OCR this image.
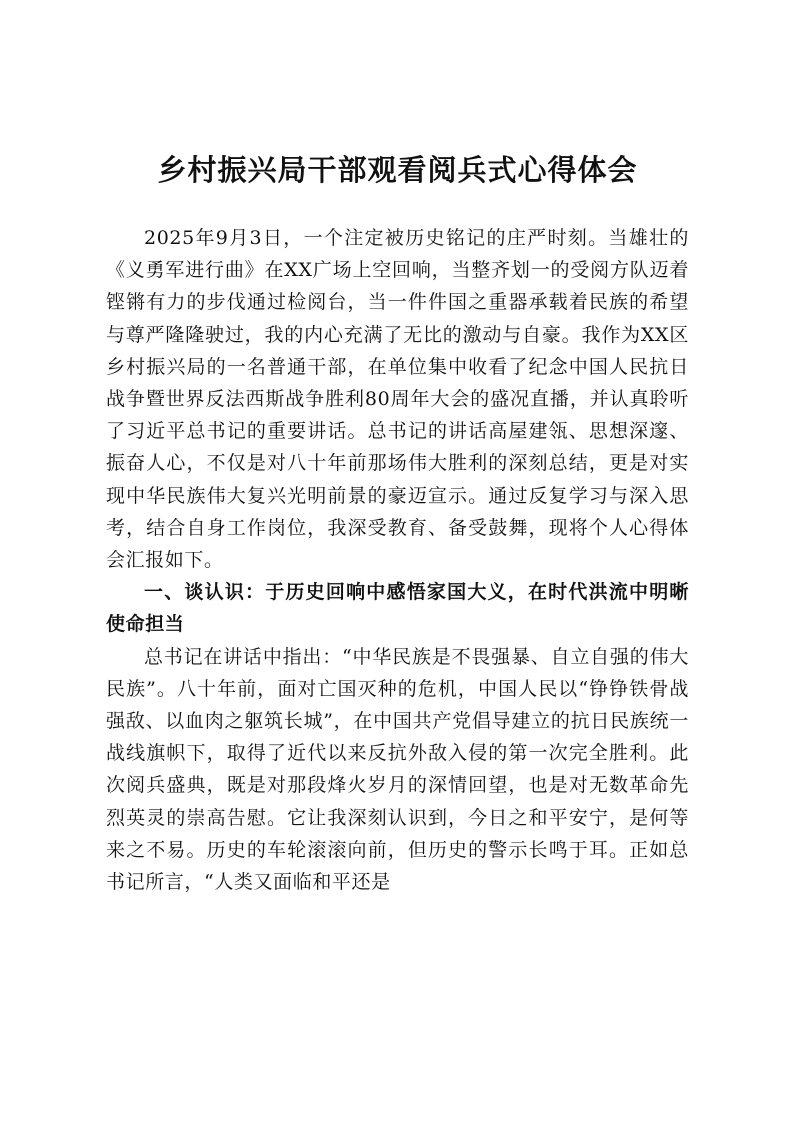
乡村振兴局干部观看阅兵式心得体会

2025年9月3日，一个注定被历史铭记的庄严时刻。当雄壮的《义勇军进行曲》在XX广场上空回响，当整齐划一的受阅方队迈着铿锵有力的步伐通过检阅台，当一件件国之重器承载着民族的希望与尊严隆隆驶过，我的内心充满了无比的激动与自豪。我作为XX区乡村振兴局的一名普通干部，在单位集中收看了纪念中国人民抗日战争暨世界反法西斯战争胜利80周年大会的盛况直播，并认真聆听了习近平总书记的重要讲话。总书记的讲话高屋建瓴、思想深邃、振奋人心，不仅是对八十年前那场伟大胜利的深刻总结，更是对实现中华民族伟大复兴光明前景的豪迈宣示。通过反复学习与深入思考，结合自身工作岗位，我深受教育、备受鼓舞，现将个人心得体会汇报如下。

一、谈认识：于历史回响中感悟家国大义，在时代洪流中明晰使命担当

总书记在讲话中指出：“中华民族是不畏强暴、自立自强的伟大民族”。八十年前，面对亡国灭种的危机，中国人民以“铮铮铁骨战强敌、以血肉之躯筑长城”，在中国共产党倡导建立的抗日民族统一战线旗帜下，取得了近代以来反抗外敌入侵的第一次完全胜利。此次阅兵盛典，既是对那段烽火岁月的深情回望，也是对无数革命先烈英灵的崇高告慰。它让我深刻认识到，今日之和平安宁，是何等来之不易。历史的车轮滚滚向前，但历史的警示长鸣于耳。正如总书记所言，“人类又面临和平还是
